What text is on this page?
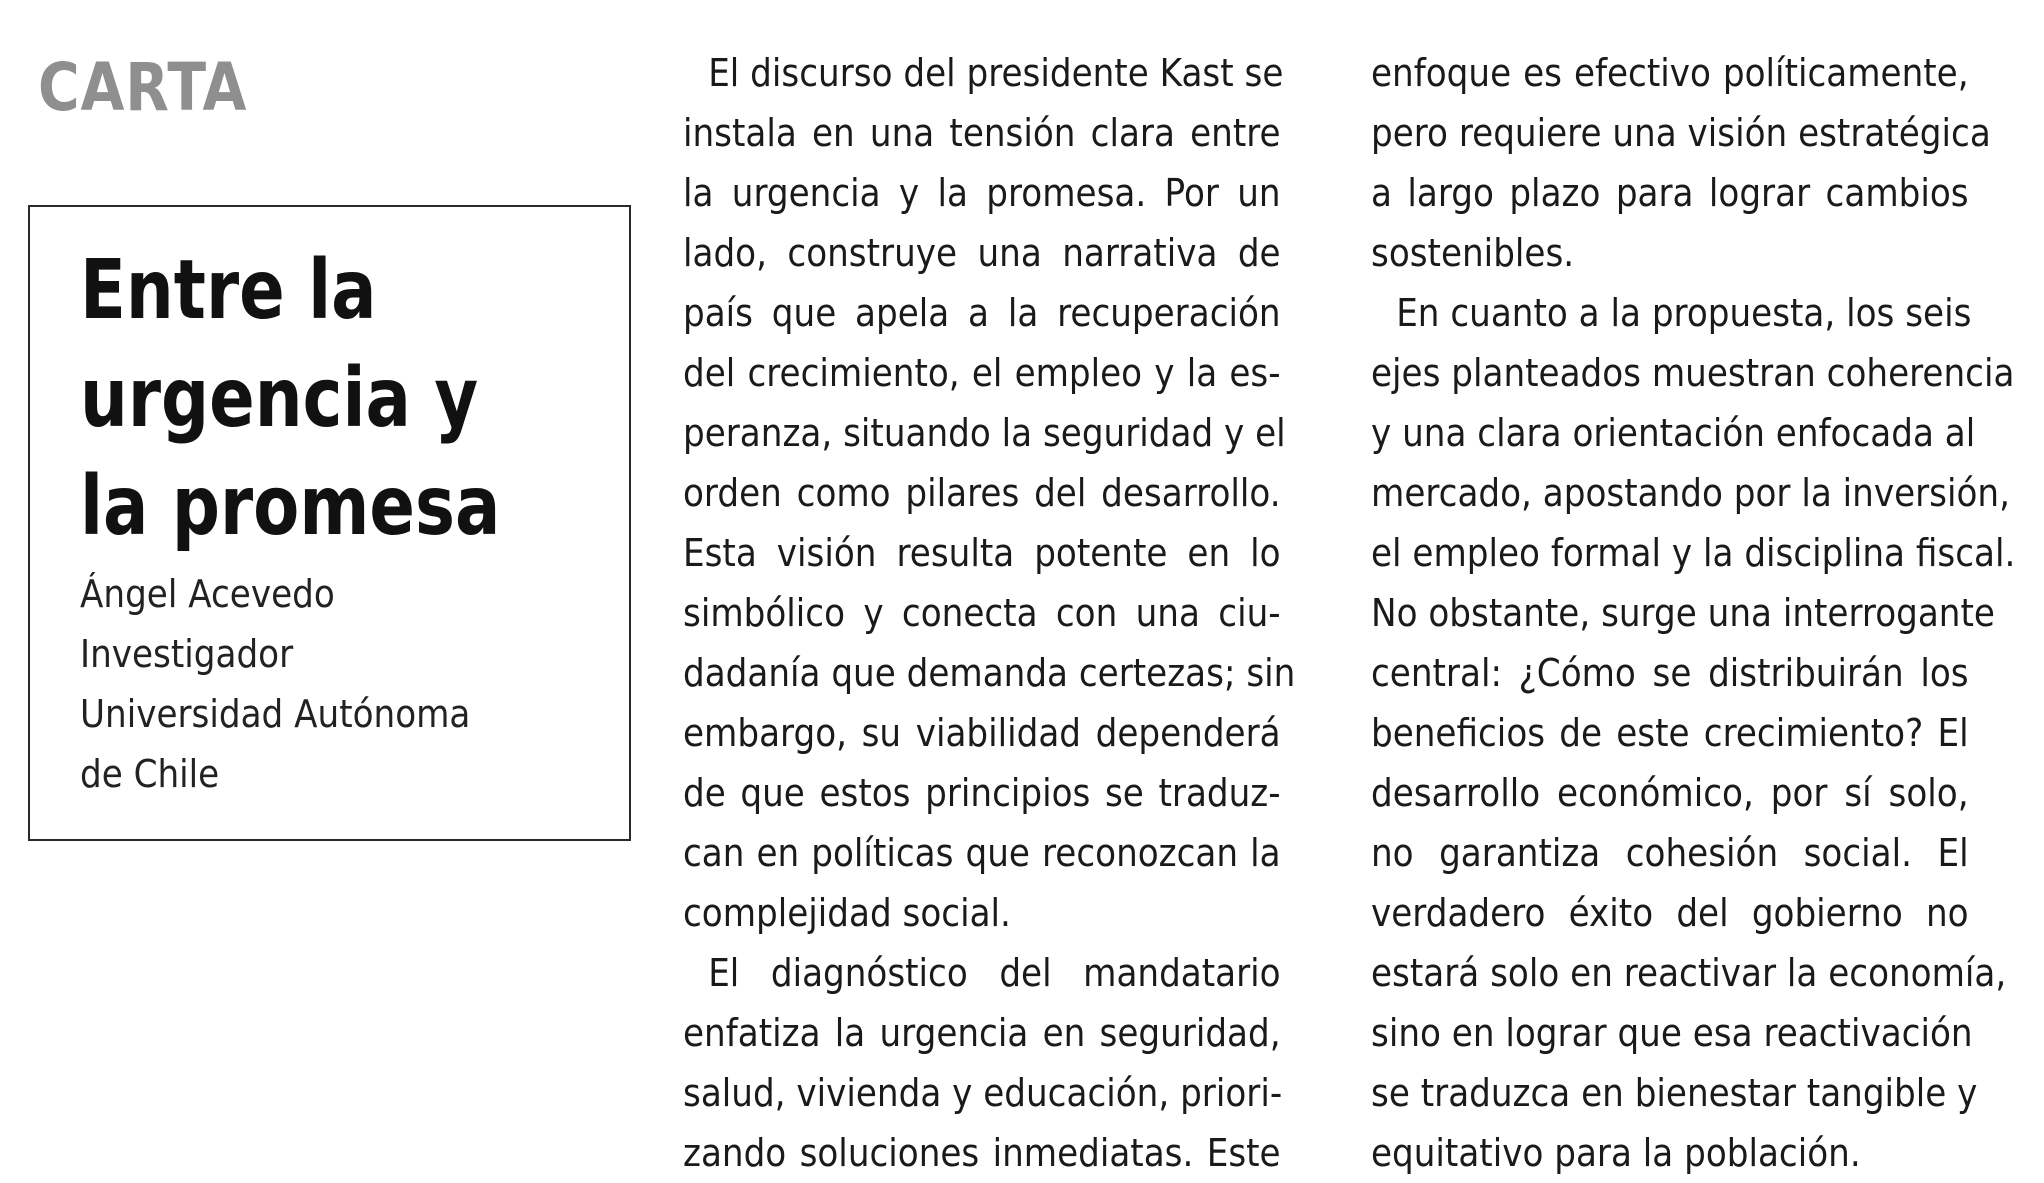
CARTA
Entre la
urgencia y
la promesa
Ángel Acevedo
Investigador
Universidad Autónoma
de Chile
El discurso del presidente Kast se
instala en una tensión clara entre
la urgencia y la promesa. Por un
lado, construye una narrativa de
país que apela a la recuperación
del crecimiento, el empleo y la es-
peranza, situando la seguridad y el
orden como pilares del desarrollo.
Esta visión resulta potente en lo
simbólico y conecta con una ciu-
dadanía que demanda certezas; sin
embargo, su viabilidad dependerá
de que estos principios se traduz-
can en políticas que reconozcan la
complejidad social.
El diagnóstico del mandatario
enfatiza la urgencia en seguridad,
salud, vivienda y educación, priori-
zando soluciones inmediatas. Este
enfoque es efectivo políticamente,
pero requiere una visión estratégica
a largo plazo para lograr cambios
sostenibles.
En cuanto a la propuesta, los seis
ejes planteados muestran coherencia
y una clara orientación enfocada al
mercado, apostando por la inversión,
el empleo formal y la disciplina fiscal.
No obstante, surge una interrogante
central: ¿Cómo se distribuirán los
beneficios de este crecimiento? El
desarrollo económico, por sí solo,
no garantiza cohesión social. El
verdadero éxito del gobierno no
estará solo en reactivar la economía,
sino en lograr que esa reactivación
se traduzca en bienestar tangible y
equitativo para la población.
